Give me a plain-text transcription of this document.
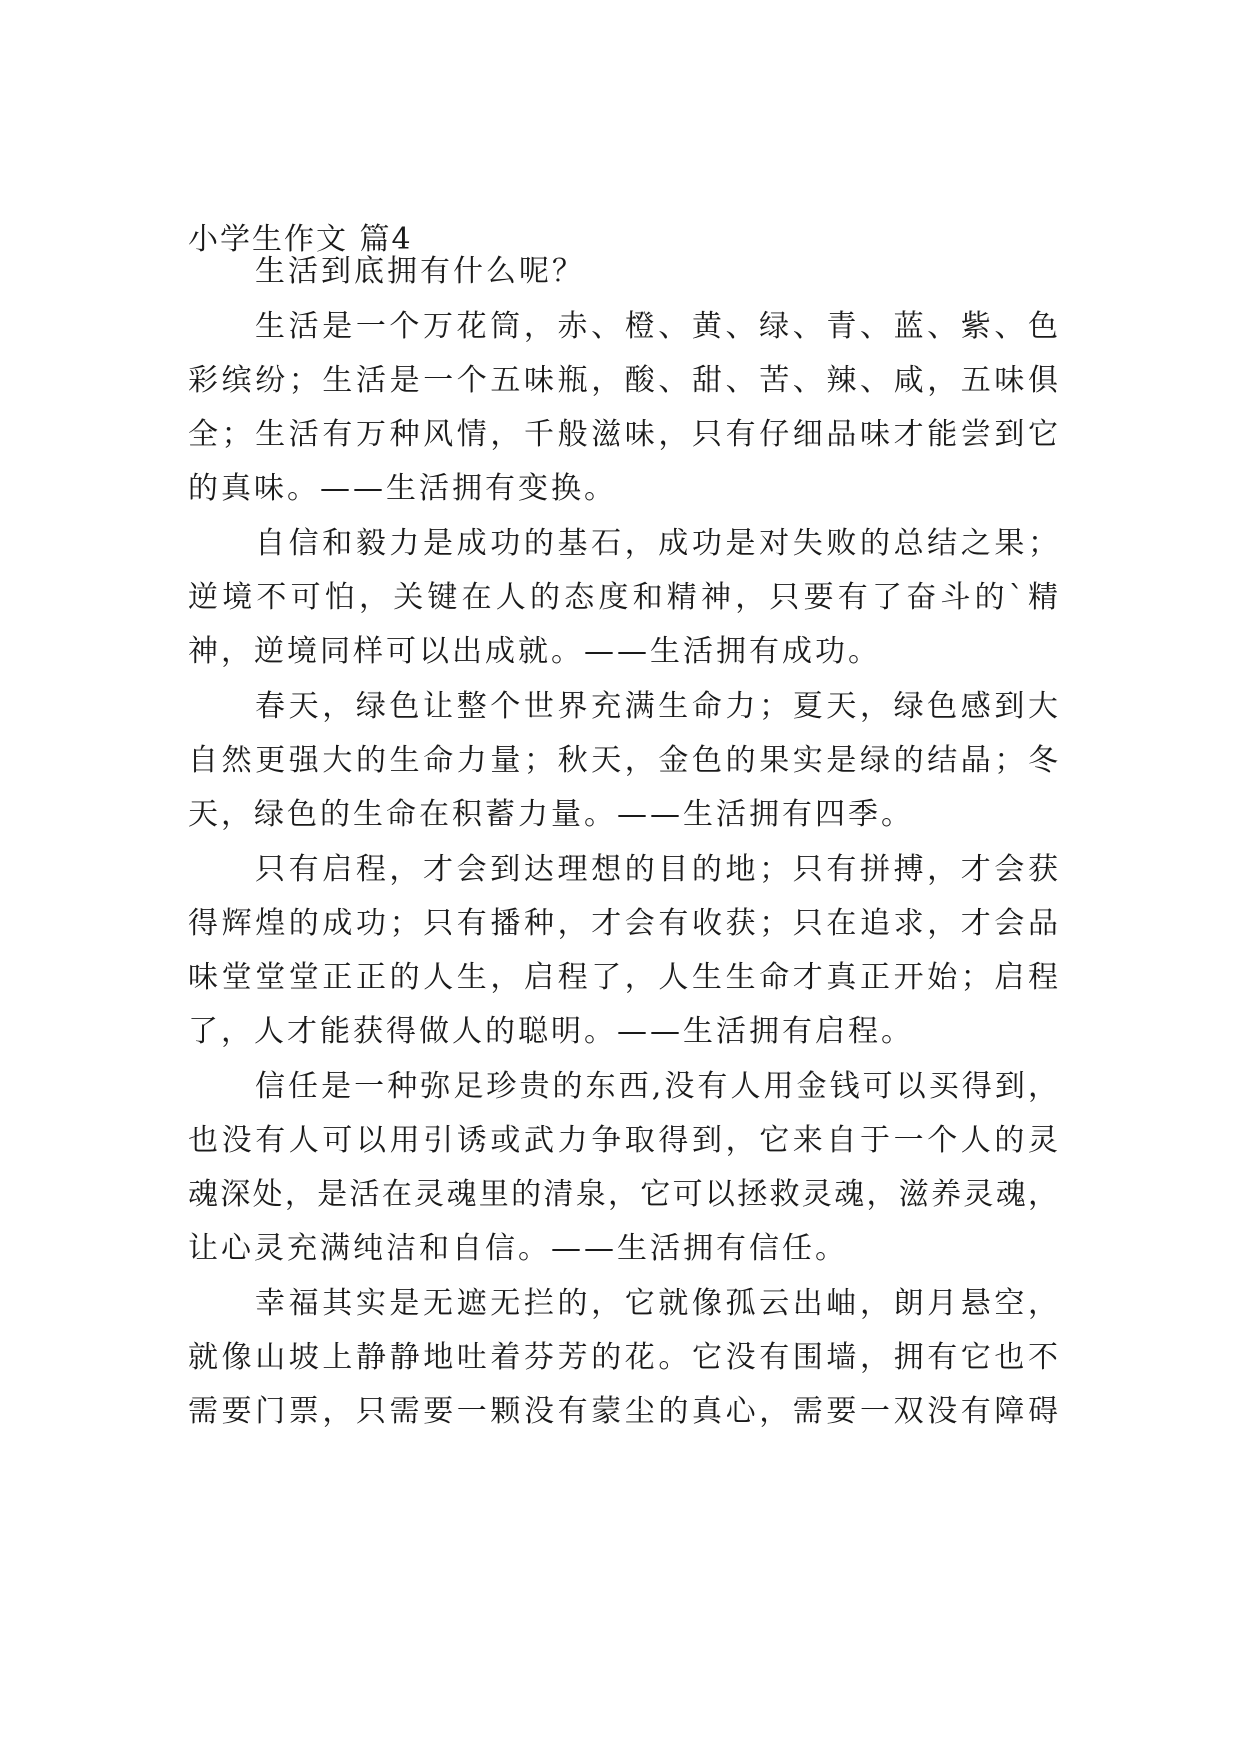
小学生作文 篇4
生活到底拥有什么呢？
生活是一个万花筒，赤、橙、黄、绿、青、蓝、紫、色
彩缤纷；生活是一个五味瓶，酸、甜、苦、辣、咸，五味俱
全；生活有万种风情，千般滋味，只有仔细品味才能尝到它
的真味。——生活拥有变换。
自信和毅力是成功的基石，成功是对失败的总结之果；
逆境不可怕，关键在人的态度和精神，只要有了奋斗的`精
神，逆境同样可以出成就。——生活拥有成功。
春天，绿色让整个世界充满生命力；夏天，绿色感到大
自然更强大的生命力量；秋天，金色的果实是绿的结晶；冬
天，绿色的生命在积蓄力量。——生活拥有四季。
只有启程，才会到达理想的目的地；只有拼搏，才会获
得辉煌的成功；只有播种，才会有收获；只在追求，才会品
味堂堂堂正正的人生，启程了，人生生命才真正开始；启程
了，人才能获得做人的聪明。——生活拥有启程。
信任是一种弥足珍贵的东西,没有人用金钱可以买得到，
也没有人可以用引诱或武力争取得到，它来自于一个人的灵
魂深处，是活在灵魂里的清泉，它可以拯救灵魂，滋养灵魂，
让心灵充满纯洁和自信。——生活拥有信任。
幸福其实是无遮无拦的，它就像孤云出岫，朗月悬空，
就像山坡上静静地吐着芬芳的花。它没有围墙，拥有它也不
需要门票，只需要一颗没有蒙尘的真心，需要一双没有障碍
